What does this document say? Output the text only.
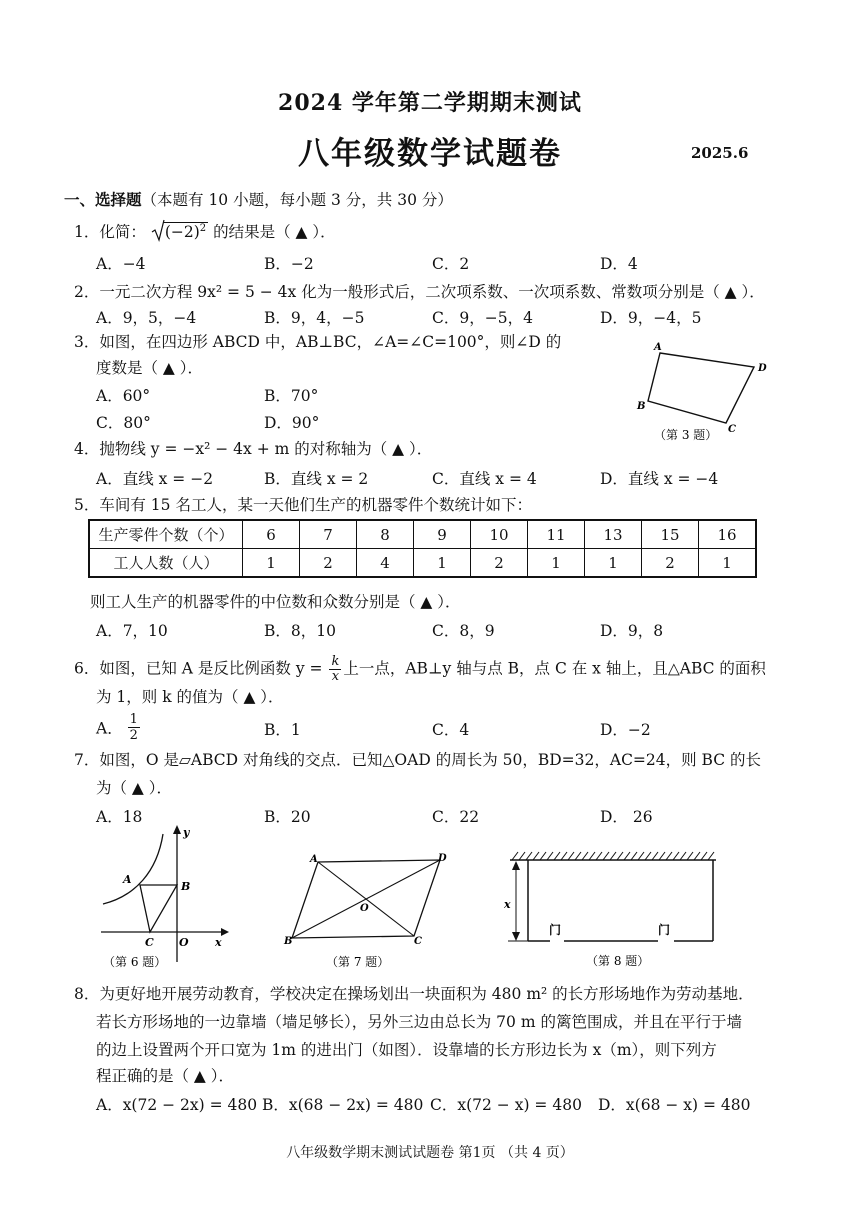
2024 学年第二学期期末测试
八年级数学试题卷	2025.6
一、选择题（本题有 10 小题，每小题 3 分，共 30 分）
1．化简： $(-2)^2$ 的结果是（ ▲ ）．
A．−4	B．−2	C．2	D．4
2．一元二次方程 9x² = 5 − 4x 化为一般形式后，二次项系数、一次项系数、常数项分别是（ ▲ ）．
A．9，5，−4	B．9，4，−5	C．9，−5，4	D．9，−4，5
3．如图，在四边形 ABCD 中，AB⊥BC，∠A=∠C=100°，则∠D 的
度数是（ ▲ ）．
A．60°	B．70°
C．80°	D．90°
A
D
B
C
（第 3 题）
4．抛物线 y = −x² − 4x + m 的对称轴为（ ▲ ）．
A．直线 x = −2	B．直线 x = 2	C．直线 x = 4	D．直线 x = −4
5．车间有 15 名工人，某一天他们生产的机器零件个数统计如下：
生产零件个数（个）	6	7	8	9	10	11	13	15	16
工人人数（人）	1	2	4	1	2	1	1	2	1
则工人生产的机器零件的中位数和众数分别是（ ▲ ）．
A．7，10	B．8，10	C．8，9	D．9，8
6．如图，已知 A 是反比例函数 $y = \frac{k}{x}$ 上一点，AB⊥y 轴与点 B，点 C 在 x 轴上，且△ABC 的面积
为 1，则 k 的值为（ ▲ ）．
A． $\frac{1}{2}$	B．1	C．4	D．−2
7．如图，O 是▱ABCD 对角线的交点．已知△OAD 的周长为 50，BD=32，AC=24，则 BC 的长
为（ ▲ ）．
A．18	B．20	C．22	D． 26
y
A
B
C O x
（第 6 题）
A	D
O
B	C
（第 7 题）
x
门	门
（第 8 题）
8．为更好地开展劳动教育，学校决定在操场划出一块面积为 480 m² 的长方形场地作为劳动基地．
若长方形场地的一边靠墙（墙足够长），另外三边由总长为 70 m 的篱笆围成，并且在平行于墙
的边上设置两个开口宽为 1m 的进出门（如图）．设靠墙的长方形边长为 x（m），则下列方
程正确的是（ ▲ ）．
A．x(72 − 2x) = 480 B．x(68 − 2x) = 480 C．x(72 − x) = 480 D．x(68 − x) = 480
八年级数学期末测试试题卷 第1页 （共 4 页）
